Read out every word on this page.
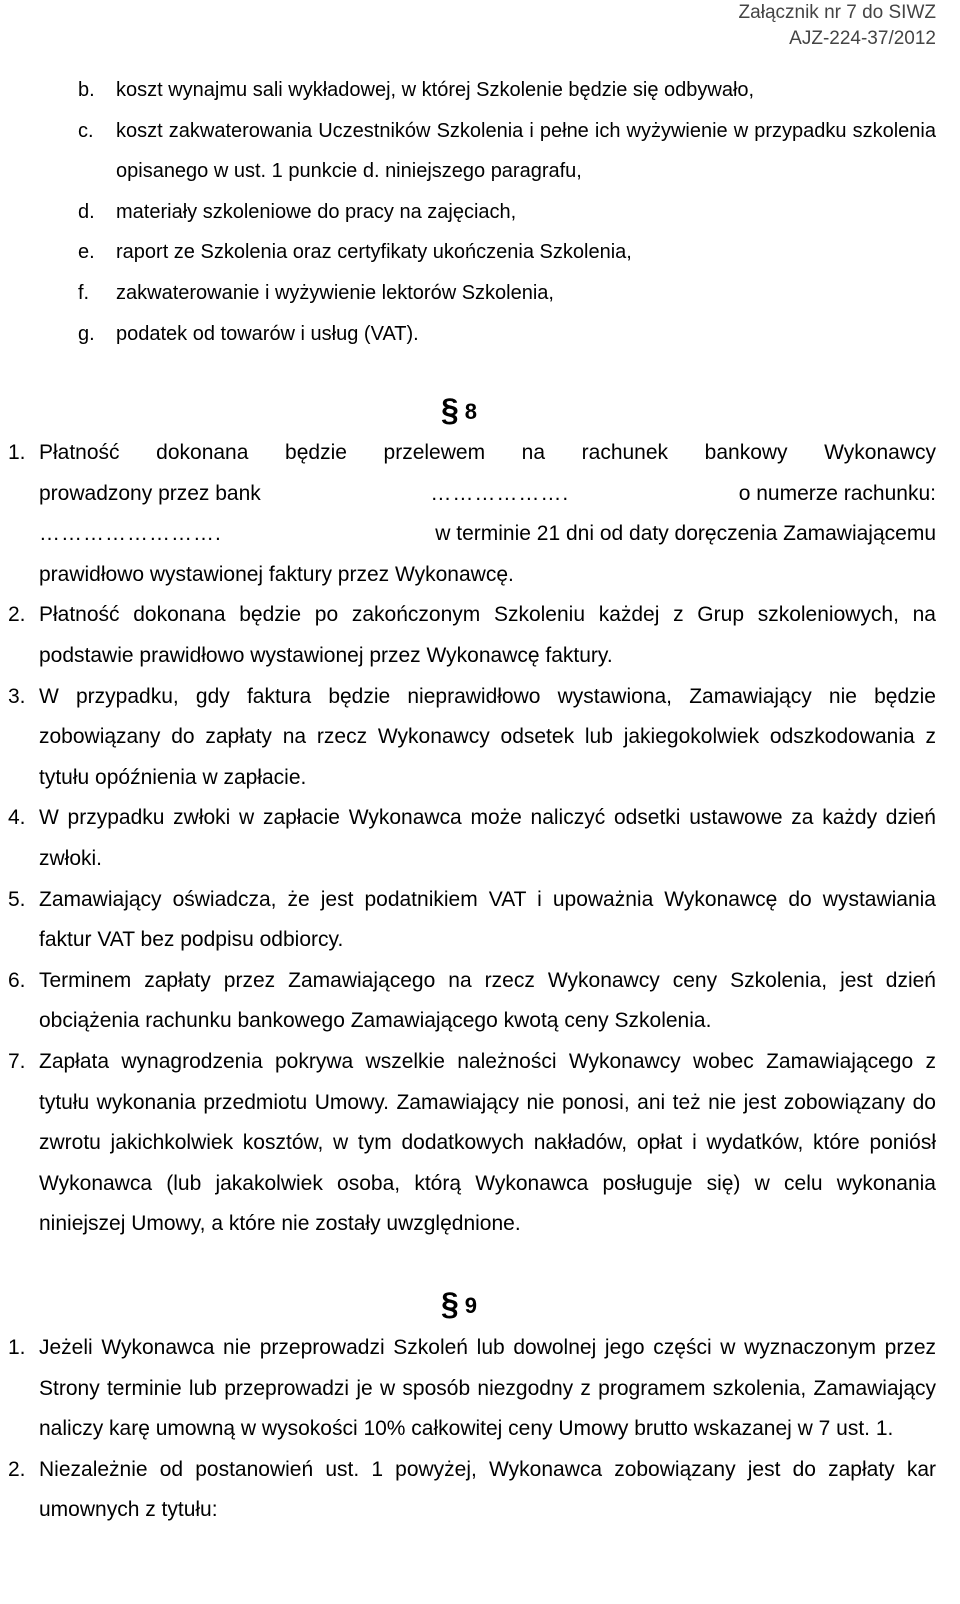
Załącznik nr 7 do SIWZ
AJZ-224-37/2012
b. koszt wynajmu sali wykładowej, w której Szkolenie będzie się odbywało,
c. koszt zakwaterowania Uczestników Szkolenia i pełne ich wyżywienie w przypadku szkolenia opisanego w ust. 1 punkcie d. niniejszego paragrafu,
d. materiały szkoleniowe do pracy na zajęciach,
e. raport ze Szkolenia oraz certyfikaty ukończenia Szkolenia,
f. zakwaterowanie i wyżywienie lektorów Szkolenia,
g. podatek od towarów i usług (VAT).
§ 8
1. Płatność dokonana będzie przelewem na rachunek bankowy Wykonawcy
prowadzony przez bank	……………….	o numerze rachunku:
…………………….	w terminie 21 dni od daty doręczenia Zamawiającemu
prawidłowo wystawionej faktury przez Wykonawcę.
2. Płatność dokonana będzie po zakończonym Szkoleniu każdej z Grup szkoleniowych, na podstawie prawidłowo wystawionej przez Wykonawcę faktury.
3. W przypadku, gdy faktura będzie nieprawidłowo wystawiona, Zamawiający nie będzie zobowiązany do zapłaty na rzecz Wykonawcy odsetek lub jakiegokolwiek odszkodowania z tytułu opóźnienia w zapłacie.
4. W przypadku zwłoki w zapłacie Wykonawca może naliczyć odsetki ustawowe za każdy dzień zwłoki.
5. Zamawiający oświadcza, że jest podatnikiem VAT i upoważnia Wykonawcę do wystawiania faktur VAT bez podpisu odbiorcy.
6. Terminem zapłaty przez Zamawiającego na rzecz Wykonawcy ceny Szkolenia, jest dzień obciążenia rachunku bankowego Zamawiającego kwotą ceny Szkolenia.
7. Zapłata wynagrodzenia pokrywa wszelkie należności Wykonawcy wobec Zamawiającego z tytułu wykonania przedmiotu Umowy. Zamawiający nie ponosi, ani też nie jest zobowiązany do zwrotu jakichkolwiek kosztów, w tym dodatkowych nakładów, opłat i wydatków, które poniósł Wykonawca (lub jakakolwiek osoba, którą Wykonawca posługuje się) w celu wykonania niniejszej Umowy, a które nie zostały uwzględnione.
§ 9
1. Jeżeli Wykonawca nie przeprowadzi Szkoleń lub dowolnej jego części w wyznaczonym przez Strony terminie lub przeprowadzi je w sposób niezgodny z programem szkolenia, Zamawiający naliczy karę umowną w wysokości 10% całkowitej ceny Umowy brutto wskazanej w 7 ust. 1.
2. Niezależnie od postanowień ust. 1 powyżej, Wykonawca zobowiązany jest do zapłaty kar umownych z tytułu:
